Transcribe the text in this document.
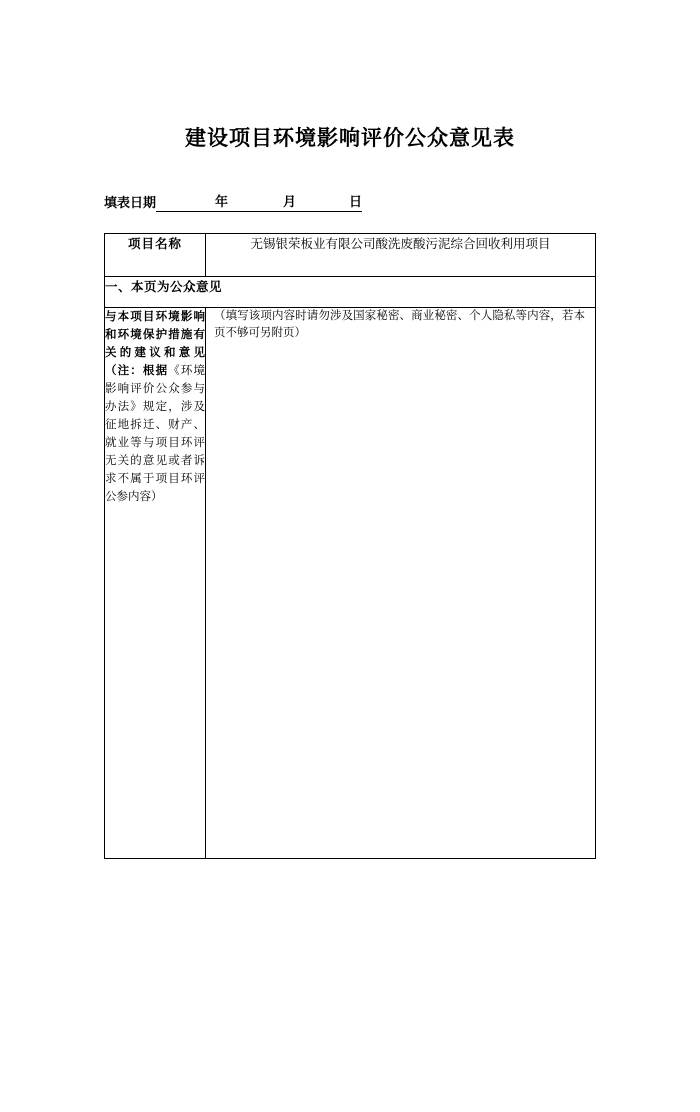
建设项目环境影响评价公众意见表
填表日期	年	月	日
项目名称	无锡银荣板业有限公司酸洗废酸污泥综合回收利用项目
一、本页为公众意见	
与本项目环境影响和环境保护措施有关的建议和意见（注：根据《环境影响评价公众参与办法》规定，涉及征地拆迁、财产、就业等与项目环评无关的意见或者诉求不属于项目环评公参内容）	（填写该项内容时请勿涉及国家秘密、商业秘密、个人隐私等内容，若本页不够可另附页）
